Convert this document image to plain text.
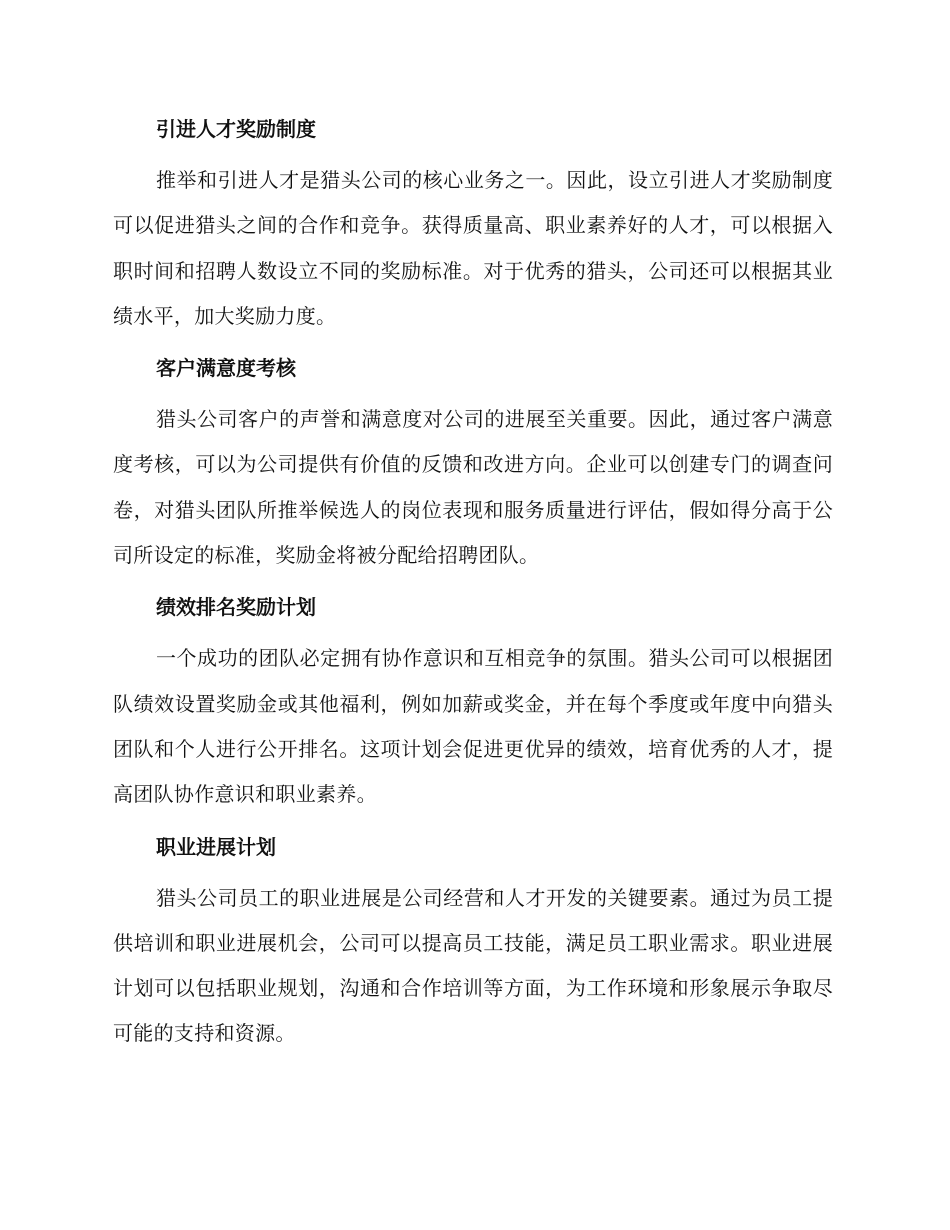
引进人才奖励制度

推举和引进人才是猎头公司的核心业务之一。因此，设立引进人才奖励制度可以促进猎头之间的合作和竞争。获得质量高、职业素养好的人才，可以根据入职时间和招聘人数设立不同的奖励标准。对于优秀的猎头，公司还可以根据其业绩水平，加大奖励力度。

客户满意度考核

猎头公司客户的声誉和满意度对公司的进展至关重要。因此，通过客户满意度考核，可以为公司提供有价值的反馈和改进方向。企业可以创建专门的调查问卷，对猎头团队所推举候选人的岗位表现和服务质量进行评估，假如得分高于公司所设定的标准，奖励金将被分配给招聘团队。

绩效排名奖励计划

一个成功的团队必定拥有协作意识和互相竞争的氛围。猎头公司可以根据团队绩效设置奖励金或其他福利，例如加薪或奖金，并在每个季度或年度中向猎头团队和个人进行公开排名。这项计划会促进更优异的绩效，培育优秀的人才，提高团队协作意识和职业素养。

职业进展计划

猎头公司员工的职业进展是公司经营和人才开发的关键要素。通过为员工提供培训和职业进展机会，公司可以提高员工技能，满足员工职业需求。职业进展计划可以包括职业规划，沟通和合作培训等方面，为工作环境和形象展示争取尽可能的支持和资源。
